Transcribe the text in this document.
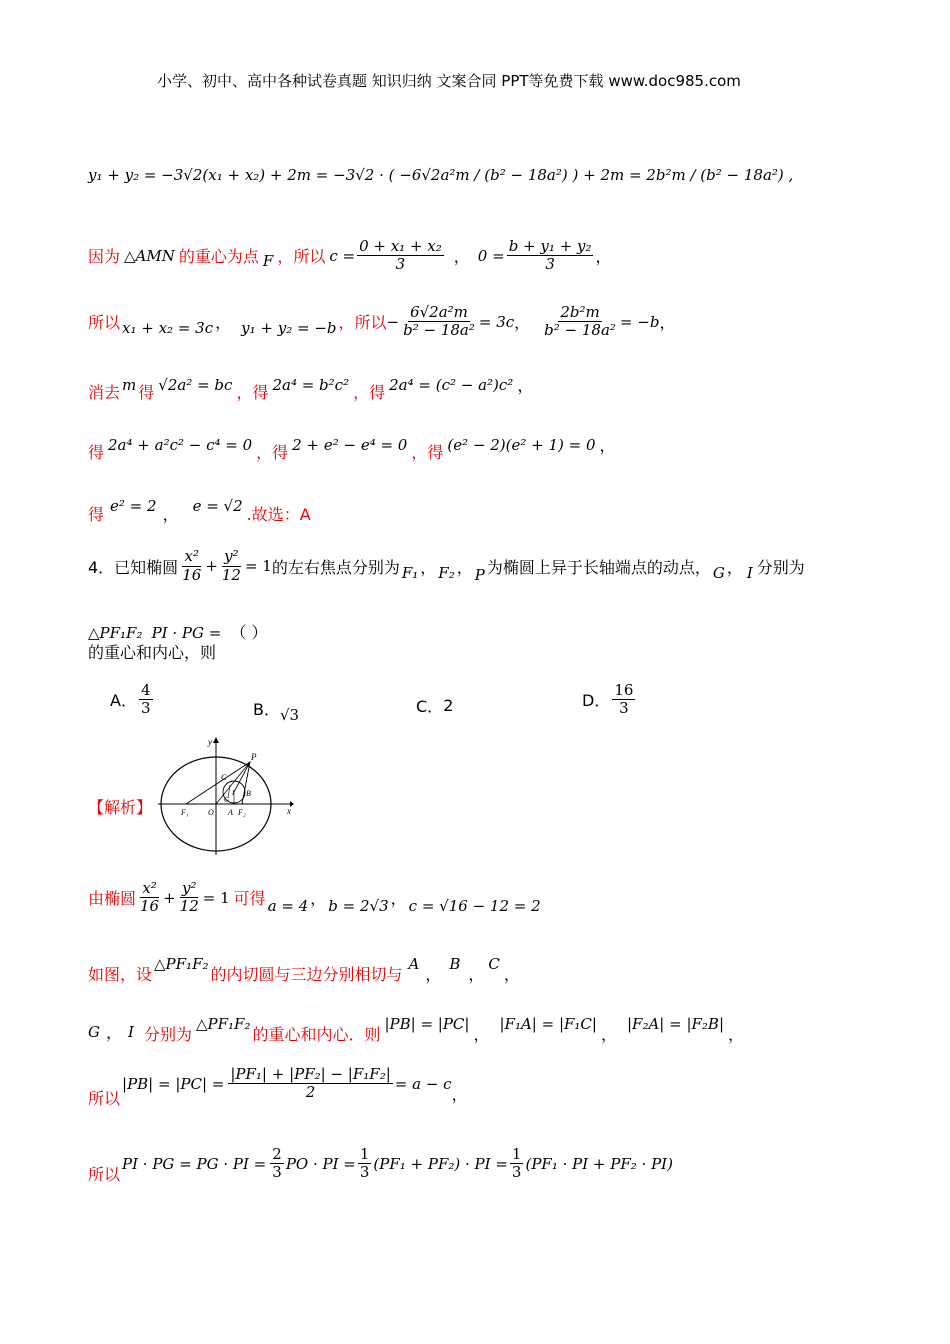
小学、初中、高中各种试卷真题 知识归纳 文案合同 PPT等免费下载 www.doc985.com
y₁ + y₂ = −3√2(x₁ + x₂) + 2m = −3√2 · ( −6√2a²m / (b² − 18a²) ) + 2m = 2b²m / (b² − 18a²) ,
因为 △AMN 的重心为点 F ，所以 $c = \frac{\text{0 + x₁ + x₂}}{3}$ ， $0 = \frac{\text{b + y₁ + y₂}}{3}$ ，
所以 x₁ + x₂ = 3c ， y₁ + y₂ = −b ，所以 − $\frac{\text{6√2a²m}}{\text{b² − 18a²}} = 3c$ ， $\frac{\text{2b²m}}{\text{b² − 18a²}} = -b$ ，
消去 m 得 √2a² = bc ，得 2a⁴ = b²c² ，得 2a⁴ = (c² − a²)c² ，
得 2a⁴ + a²c² − c⁴ = 0 ，得 2 + e² − e⁴ = 0 ，得 (e² − 2)(e² + 1) = 0 ，
得 e² = 2 ， e = √2 .故选：A
4．已知椭圆 $\frac{\text{x²}}{16} + \frac{\text{y²}}{12} = 1$ 的左右焦点分别为 F₁ ， F₂ ， P 为椭圆上异于长轴端点的动点， G ， I 分别为
△PF₁F₂ PI · PG = （ ）
的重心和内心，则
A． $\frac{4}{3}$	B． √3	C． 2	D． $\frac{16}{3}$
【解析】
y
x
P
C
G
I B
F₁ O A F₂
由椭圆 $\frac{\text{x²}}{16} + \frac{\text{y²}}{12} = 1$ 可得 a = 4 ， b = 2√3 ， c = √16 − 12 = 2
如图，设
△PF₁F₂
的内切圆与三边分别相切与
A
，
B
，
C
，
G ， I 分别为
△PF₁F₂
的重心和内心．则
|PB| = |PC|
，
|F₁A| = |F₁C|
，
|F₂A| = |F₂B|
，
所以
$|PB| = |PC| = \frac{\text{|PF₁| + |PF₂| − |F₁F₂|}}{2} = a - c$
，
所以
PI · PG = PG · PI = $\frac{2}{3}$ PO · PI = $\frac{1}{3} (PF_1 + PF_2)$ · PI = $\frac{1}{3} (PF_1$ · PI + PF₂ · PI)
